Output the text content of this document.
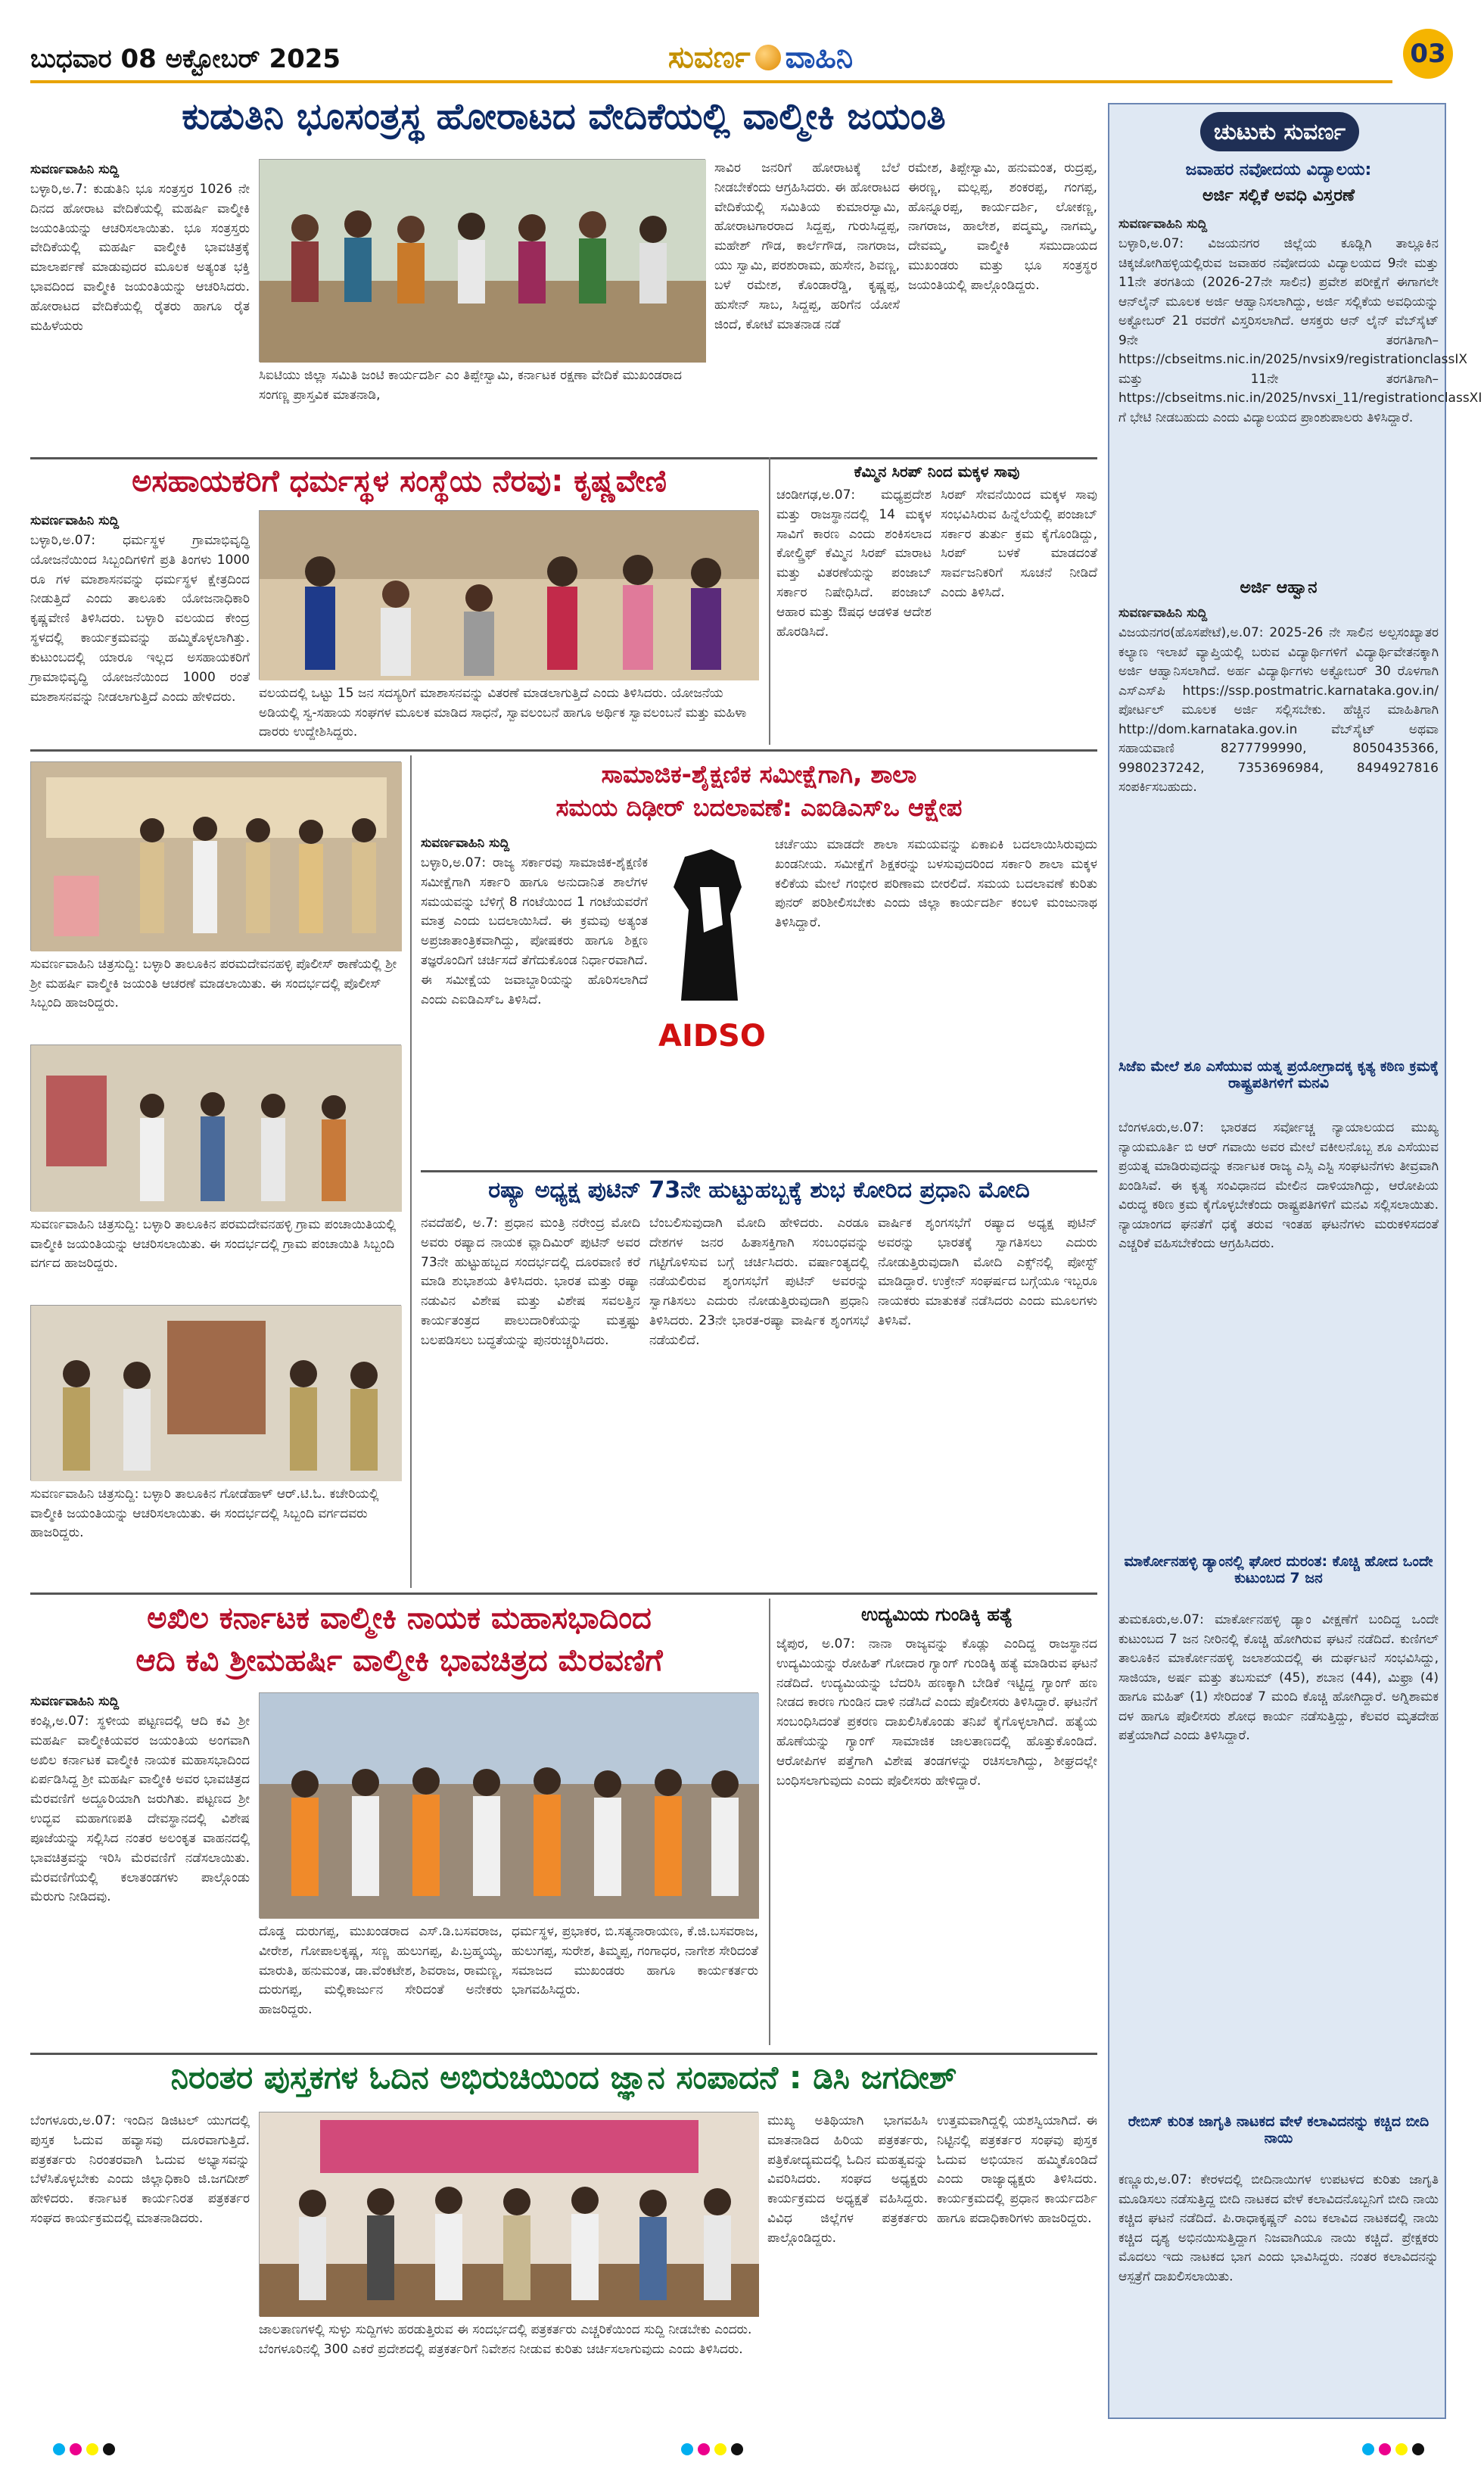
ಬುಧವಾರ 08 ಅಕ್ಟೋಬರ್ 2025	ಸುವರ್ಣ ವಾಹಿನಿ	03
ಕುಡುತಿನಿ ಭೂಸಂತ್ರಸ್ಥ ಹೋರಾಟದ ವೇದಿಕೆಯಲ್ಲಿ ವಾಲ್ಮೀಕಿ ಜಯಂತಿ
ಸುವರ್ಣವಾಹಿನಿ ಸುದ್ದಿ
ಬಳ್ಳಾರಿ,ಅ.7: ಕುಡುತಿನಿ ಭೂ ಸಂತ್ರಸ್ತರ 1026 ನೇ ದಿನದ ಹೋರಾಟ ವೇದಿಕೆಯಲ್ಲಿ ಮಹರ್ಷಿ ವಾಲ್ಮೀಕಿ ಜಯಂತಿಯನ್ನು ಆಚರಿಸಲಾಯಿತು. ಭೂ ಸಂತ್ರಸ್ತರು ವೇದಿಕೆಯಲ್ಲಿ ಮಹರ್ಷಿ ವಾಲ್ಮೀಕಿ ಭಾವಚಿತ್ರಕ್ಕೆ ಮಾಲಾರ್ಪಣೆ ಮಾಡುವುದರ ಮೂಲಕ ಅತ್ಯಂತ ಭಕ್ತಿ ಭಾವದಿಂದ ವಾಲ್ಮೀಕಿ ಜಯಂತಿಯನ್ನು ಆಚರಿಸಿದರು. ಹೋರಾಟದ ವೇದಿಕೆಯಲ್ಲಿ ರೈತರು ಹಾಗೂ ರೈತ ಮಹಿಳೆಯರು
ಸಿಐಟಿಯು ಜಿಲ್ಲಾ ಸಮಿತಿ ಜಂಟಿ ಕಾರ್ಯದರ್ಶಿ ಎಂ ತಿಪ್ಪೇಸ್ವಾಮಿ, ಕರ್ನಾಟಕ ರಕ್ಷಣಾ ವೇದಿಕೆ ಮುಖಂಡರಾದ ಸಂಗಣ್ಣ ಪ್ರಾಸ್ತವಿಕ ಮಾತನಾಡಿ,
ಸಾವಿರ ಜನರಿಗೆ ಹೋರಾಟಕ್ಕೆ ಬೆಲೆ ನೀಡಬೇಕೆಂದು ಆಗ್ರಹಿಸಿದರು. ಈ ಹೋರಾಟದ ವೇದಿಕೆಯಲ್ಲಿ ಸಮಿತಿಯ ಕುಮಾರಸ್ವಾಮಿ, ಹೋರಾಟಗಾರರಾದ ಸಿದ್ದಪ್ಪ, ಗುರುಸಿದ್ದಪ್ಪ, ಮಹೇಶ್ ಗೌಡ, ಕಾರ್ಲೆಗೌಡ, ನಾಗರಾಜ, ಯು ಸ್ವಾಮಿ, ಪರಶುರಾಮ, ಹುಸೇನ, ಶಿವಣ್ಣ, ಬಳೆ ರಮೇಶ, ಕೊಂಡಾರೆಡ್ಡಿ, ಕೃಷ್ಣಪ್ಪ, ಹುಸೇನ್ ಸಾಬ, ಸಿದ್ದಪ್ಪ, ಹರಿಗೆನ ಯೋಸೆ ಜಿಂದೆ, ಕೋಟೆ ಮಾತನಾಡ ನಡೆ
ರಮೇಶ, ತಿಪ್ಪೇಸ್ವಾಮಿ, ಹನುಮಂತ, ರುದ್ರಪ್ಪ, ಈರಣ್ಣ, ಮಲ್ಲಪ್ಪ, ಶಂಕರಪ್ಪ, ಗಂಗಪ್ಪ, ಹೊನ್ನೂರಪ್ಪ, ಕಾರ್ಯದರ್ಶಿ, ಲೋಕಣ್ಣ, ನಾಗರಾಜ, ಹಾಲೇಶ, ಪದ್ಮಮ್ಮ, ನಾಗಮ್ಮ, ದೇವಮ್ಮ, ವಾಲ್ಮೀಕಿ ಸಮುದಾಯದ ಮುಖಂಡರು ಮತ್ತು ಭೂ ಸಂತ್ರಸ್ಥರ ಜಯಂತಿಯಲ್ಲಿ ಪಾಲ್ಗೊಂಡಿದ್ದರು.
ಅಸಹಾಯಕರಿಗೆ ಧರ್ಮಸ್ಥಳ ಸಂಸ್ಥೆಯ ನೆರವು: ಕೃಷ್ಣವೇಣಿ
ಸುವರ್ಣವಾಹಿನಿ ಸುದ್ದಿ
ಬಳ್ಳಾರಿ,ಅ.07: ಧರ್ಮಸ್ಥಳ ಗ್ರಾಮಾಭಿವೃದ್ಧಿ ಯೋಜನೆಯಿಂದ ಸಿಬ್ಬಂದಿಗಳಿಗೆ ಪ್ರತಿ ತಿಂಗಳು 1000 ರೂ ಗಳ ಮಾಶಾಸನವನ್ನು ಧರ್ಮಸ್ಥಳ ಕ್ಷೇತ್ರದಿಂದ ನೀಡುತ್ತಿದೆ ಎಂದು ತಾಲೂಕು ಯೋಜನಾಧಿಕಾರಿ ಕೃಷ್ಣವೇಣಿ ತಿಳಿಸಿದರು. ಬಳ್ಳಾರಿ ವಲಯದ ಕೇಂದ್ರ ಸ್ಥಳದಲ್ಲಿ ಕಾರ್ಯಕ್ರಮವನ್ನು ಹಮ್ಮಿಕೊಳ್ಳಲಾಗಿತ್ತು. ಕುಟುಂಬದಲ್ಲಿ ಯಾರೂ ಇಲ್ಲದ ಅಸಹಾಯಕರಿಗೆ ಗ್ರಾಮಾಭಿವೃದ್ಧಿ ಯೋಜನೆಯಿಂದ 1000 ರಂತೆ ಮಾಶಾಸನವನ್ನು ನೀಡಲಾಗುತ್ತಿದೆ ಎಂದು ಹೇಳಿದರು.	ವಲಯದಲ್ಲಿ ಒಟ್ಟು 15 ಜನ ಸದಸ್ಯರಿಗೆ ಮಾಶಾಸನವನ್ನು ವಿತರಣೆ ಮಾಡಲಾಗುತ್ತಿದೆ ಎಂದು ತಿಳಿಸಿದರು. ಯೋಜನೆಯ ಅಡಿಯಲ್ಲಿ ಸ್ವ-ಸಹಾಯ ಸಂಘಗಳ ಮೂಲಕ ಮಾಡಿದ ಸಾಧನೆ, ಸ್ವಾವಲಂಬನೆ ಹಾಗೂ ಅರ್ಥಿಕ ಸ್ವಾವಲಂಬನೆ ಮತ್ತು ಮಹಿಳಾ ದಾರರು ಉದ್ದೇಶಿಸಿದ್ದರು.
ಕೆಮ್ಮಿನ ಸಿರಪ್ ನಿಂದ ಮಕ್ಕಳ ಸಾವು
ಚಂಡೀಗಢ,ಅ.07: ಮಧ್ಯಪ್ರದೇಶ ಮತ್ತು ರಾಜಸ್ಥಾನದಲ್ಲಿ 14 ಮಕ್ಕಳ ಸಾವಿಗೆ ಕಾರಣ ಎಂದು ಶಂಕಿಸಲಾದ ಕೋಲ್ಡ್ರಿಫ್ ಕೆಮ್ಮಿನ ಸಿರಪ್ ಮಾರಾಟ ಮತ್ತು ವಿತರಣೆಯನ್ನು ಪಂಜಾಬ್ ಸರ್ಕಾರ ನಿಷೇಧಿಸಿದೆ. ಪಂಜಾಬ್ ಆಹಾರ ಮತ್ತು ಔಷಧ ಆಡಳಿತ ಆದೇಶ ಹೊರಡಿಸಿದೆ.
ಸಿರಪ್ ಸೇವನೆಯಿಂದ ಮಕ್ಕಳ ಸಾವು ಸಂಭವಿಸಿರುವ ಹಿನ್ನೆಲೆಯಲ್ಲಿ ಪಂಜಾಬ್ ಸರ್ಕಾರ ತುರ್ತು ಕ್ರಮ ಕೈಗೊಂಡಿದ್ದು, ಸಿರಪ್ ಬಳಕೆ ಮಾಡದಂತೆ ಸಾರ್ವಜನಿಕರಿಗೆ ಸೂಚನೆ ನೀಡಿದೆ ಎಂದು ತಿಳಿಸಿದೆ.
ಸುವರ್ಣವಾಹಿನಿ ಚಿತ್ರಸುದ್ದಿ: ಬಳ್ಳಾರಿ ತಾಲೂಕಿನ ಪರಮದೇವನಹಳ್ಳಿ ಪೊಲೀಸ್ ಠಾಣೆಯಲ್ಲಿ ಶ್ರೀ ಶ್ರೀ ಮಹರ್ಷಿ ವಾಲ್ಮೀಕಿ ಜಯಂತಿ ಆಚರಣೆ ಮಾಡಲಾಯಿತು. ಈ ಸಂದರ್ಭದಲ್ಲಿ ಪೊಲೀಸ್ ಸಿಬ್ಬಂದಿ ಹಾಜರಿದ್ದರು.
ಸುವರ್ಣವಾಹಿನಿ ಚಿತ್ರಸುದ್ದಿ: ಬಳ್ಳಾರಿ ತಾಲೂಕಿನ ಪರಮದೇವನಹಳ್ಳಿ ಗ್ರಾಮ ಪಂಚಾಯಿತಿಯಲ್ಲಿ ವಾಲ್ಮೀಕಿ ಜಯಂತಿಯನ್ನು ಆಚರಿಸಲಾಯಿತು. ಈ ಸಂದರ್ಭದಲ್ಲಿ ಗ್ರಾಮ ಪಂಚಾಯಿತಿ ಸಿಬ್ಬಂದಿ ವರ್ಗದ ಹಾಜರಿದ್ದರು.
ಸುವರ್ಣವಾಹಿನಿ ಚಿತ್ರಸುದ್ದಿ: ಬಳ್ಳಾರಿ ತಾಲೂಕಿನ ಗೋಡೆಹಾಳ್ ಆರ್.ಟಿ.ಓ. ಕಚೇರಿಯಲ್ಲಿ ವಾಲ್ಮೀಕಿ ಜಯಂತಿಯನ್ನು ಆಚರಿಸಲಾಯಿತು. ಈ ಸಂದರ್ಭದಲ್ಲಿ ಸಿಬ್ಬಂದಿ ವರ್ಗದವರು ಹಾಜರಿದ್ದರು.
ಸಾಮಾಜಿಕ-ಶೈಕ್ಷಣಿಕ ಸಮೀಕ್ಷೆಗಾಗಿ, ಶಾಲಾ
ಸಮಯ ದಿಢೀರ್ ಬದಲಾವಣೆ: ಎಐಡಿಎಸ್‌ಒ ಆಕ್ಷೇಪ
ಸುವರ್ಣವಾಹಿನಿ ಸುದ್ದಿ
ಬಳ್ಳಾರಿ,ಅ.07: ರಾಜ್ಯ ಸರ್ಕಾರವು ಸಾಮಾಜಿಕ-ಶೈಕ್ಷಣಿಕ ಸಮೀಕ್ಷೆಗಾಗಿ ಸರ್ಕಾರಿ ಹಾಗೂ ಅನುದಾನಿತ ಶಾಲೆಗಳ ಸಮಯವನ್ನು ಬೆಳಿಗ್ಗೆ 8 ಗಂಟೆಯಿಂದ 1 ಗಂಟೆಯವರೆಗೆ ಮಾತ್ರ ಎಂದು ಬದಲಾಯಿಸಿದೆ. ಈ ಕ್ರಮವು ಅತ್ಯಂತ ಅಪ್ರಜಾತಾಂತ್ರಿಕವಾಗಿದ್ದು, ಪೋಷಕರು ಹಾಗೂ ಶಿಕ್ಷಣ ತಜ್ಞರೊಂದಿಗೆ ಚರ್ಚಿಸದೆ ತೆಗೆದುಕೊಂಡ ನಿರ್ಧಾರವಾಗಿದೆ. ಈ ಸಮೀಕ್ಷೆಯ ಜವಾಬ್ದಾರಿಯನ್ನು ಹೊರಿಸಲಾಗಿದೆ ಎಂದು ಎಐಡಿಎಸ್‌ಒ ತಿಳಿಸಿದೆ.
AIDSO
ಚರ್ಚೆಯು ಮಾಡದೇ ಶಾಲಾ ಸಮಯವನ್ನು ಏಕಾಏಕಿ ಬದಲಾಯಿಸಿರುವುದು ಖಂಡನೀಯ. ಸಮೀಕ್ಷೆಗೆ ಶಿಕ್ಷಕರನ್ನು ಬಳಸುವುದರಿಂದ ಸರ್ಕಾರಿ ಶಾಲಾ ಮಕ್ಕಳ ಕಲಿಕೆಯ ಮೇಲೆ ಗಂಭೀರ ಪರಿಣಾಮ ಬೀರಲಿದೆ. ಸಮಯ ಬದಲಾವಣೆ ಕುರಿತು ಪುನರ್ ಪರಿಶೀಲಿಸಬೇಕು ಎಂದು ಜಿಲ್ಲಾ ಕಾರ್ಯದರ್ಶಿ ಕಂಬಳಿ ಮಂಜುನಾಥ ತಿಳಿಸಿದ್ದಾರೆ.
ರಷ್ಯಾ ಅಧ್ಯಕ್ಷ ಪುಟಿನ್ 73ನೇ ಹುಟ್ಟುಹಬ್ಬಕ್ಕೆ ಶುಭ ಕೋರಿದ ಪ್ರಧಾನಿ ಮೋದಿ
ನವದೆಹಲಿ, ಅ.7: ಪ್ರಧಾನ ಮಂತ್ರಿ ನರೇಂದ್ರ ಮೋದಿ ಅವರು ರಷ್ಯಾದ ನಾಯಕ ವ್ಲಾದಿಮಿರ್ ಪುಟಿನ್ ಅವರ 73ನೇ ಹುಟ್ಟುಹಬ್ಬದ ಸಂದರ್ಭದಲ್ಲಿ ದೂರವಾಣಿ ಕರೆ ಮಾಡಿ ಶುಭಾಶಯ ತಿಳಿಸಿದರು. ಭಾರತ ಮತ್ತು ರಷ್ಯಾ ನಡುವಿನ ವಿಶೇಷ ಮತ್ತು ವಿಶೇಷ ಸವಲತ್ತಿನ ಕಾರ್ಯತಂತ್ರದ ಪಾಲುದಾರಿಕೆಯನ್ನು ಮತ್ತಷ್ಟು ಬಲಪಡಿಸಲು ಬದ್ಧತೆಯನ್ನು ಪುನರುಚ್ಚರಿಸಿದರು.
ಬೆಂಬಲಿಸುವುದಾಗಿ ಮೋದಿ ಹೇಳಿದರು. ಎರಡೂ ದೇಶಗಳ ಜನರ ಹಿತಾಸಕ್ತಿಗಾಗಿ ಸಂಬಂಧವನ್ನು ಗಟ್ಟಿಗೊಳಿಸುವ ಬಗ್ಗೆ ಚರ್ಚಿಸಿದರು. ವರ್ಷಾಂತ್ಯದಲ್ಲಿ ನಡೆಯಲಿರುವ ಶೃಂಗಸಭೆಗೆ ಪುಟಿನ್ ಅವರನ್ನು ಸ್ವಾಗತಿಸಲು ಎದುರು ನೋಡುತ್ತಿರುವುದಾಗಿ ಪ್ರಧಾನಿ ತಿಳಿಸಿದರು. 23ನೇ ಭಾರತ-ರಷ್ಯಾ ವಾರ್ಷಿಕ ಶೃಂಗಸಭೆ ನಡೆಯಲಿದೆ.
ವಾರ್ಷಿಕ ಶೃಂಗಸಭೆಗೆ ರಷ್ಯಾದ ಅಧ್ಯಕ್ಷ ಪುಟಿನ್ ಅವರನ್ನು ಭಾರತಕ್ಕೆ ಸ್ವಾಗತಿಸಲು ಎದುರು ನೋಡುತ್ತಿರುವುದಾಗಿ ಮೋದಿ ಎಕ್ಸ್‌ನಲ್ಲಿ ಪೋಸ್ಟ್ ಮಾಡಿದ್ದಾರೆ. ಉಕ್ರೇನ್ ಸಂಘರ್ಷದ ಬಗ್ಗೆಯೂ ಇಬ್ಬರೂ ನಾಯಕರು ಮಾತುಕತೆ ನಡೆಸಿದರು ಎಂದು ಮೂಲಗಳು ತಿಳಿಸಿವೆ.
ಅಖಿಲ ಕರ್ನಾಟಕ ವಾಲ್ಮೀಕಿ ನಾಯಕ ಮಹಾಸಭಾದಿಂದ
ಆದಿ ಕವಿ ಶ್ರೀಮಹರ್ಷಿ ವಾಲ್ಮೀಕಿ ಭಾವಚಿತ್ರದ ಮೆರವಣಿಗೆ
ಸುವರ್ಣವಾಹಿನಿ ಸುದ್ದಿ
ಕಂಪ್ಲಿ,ಅ.07: ಸ್ಥಳೀಯ ಪಟ್ಟಣದಲ್ಲಿ ಆದಿ ಕವಿ ಶ್ರೀ ಮಹರ್ಷಿ ವಾಲ್ಮೀಕಿಯವರ ಜಯಂತಿಯ ಅಂಗವಾಗಿ ಅಖಿಲ ಕರ್ನಾಟಕ ವಾಲ್ಮೀಕಿ ನಾಯಕ ಮಹಾಸಭಾದಿಂದ ಏರ್ಪಡಿಸಿದ್ದ ಶ್ರೀ ಮಹರ್ಷಿ ವಾಲ್ಮೀಕಿ ಅವರ ಭಾವಚಿತ್ರದ ಮೆರವಣಿಗೆ ಅದ್ದೂರಿಯಾಗಿ ಜರುಗಿತು. ಪಟ್ಟಣದ ಶ್ರೀ ಉದ್ಭವ ಮಹಾಗಣಪತಿ ದೇವಸ್ಥಾನದಲ್ಲಿ ವಿಶೇಷ ಪೂಜೆಯನ್ನು ಸಲ್ಲಿಸಿದ ನಂತರ ಅಲಂಕೃತ ವಾಹನದಲ್ಲಿ ಭಾವಚಿತ್ರವನ್ನು ಇರಿಸಿ ಮೆರವಣಿಗೆ ನಡೆಸಲಾಯಿತು. ಮೆರವಣಿಗೆಯಲ್ಲಿ ಕಲಾತಂಡಗಳು ಪಾಲ್ಗೊಂಡು ಮೆರುಗು ನೀಡಿದವು.
ದೊಡ್ಡ ದುರುಗಪ್ಪ, ಮುಖಂಡರಾದ ಎಸ್.ಡಿ.ಬಸವರಾಜ, ವೀರೇಶ, ಗೋಪಾಲಕೃಷ್ಣ, ಸಣ್ಣ ಹುಲುಗಪ್ಪ, ಪಿ.ಬ್ರಹ್ಮಯ್ಯ, ಮಾರುತಿ, ಹನುಮಂತ, ಡಾ.ವೆಂಕಟೇಶ, ಶಿವರಾಜ, ರಾಮಣ್ಣ, ದುರುಗಪ್ಪ, ಮಲ್ಲಿಕಾರ್ಜುನ ಸೇರಿದಂತೆ ಅನೇಕರು ಹಾಜರಿದ್ದರು.
ಧರ್ಮಸ್ಥಳ, ಪ್ರಭಾಕರ, ಬಿ.ಸತ್ಯನಾರಾಯಣ, ಕೆ.ಜಿ.ಬಸವರಾಜ, ಹುಲುಗಪ್ಪ, ಸುರೇಶ, ತಿಮ್ಮಪ್ಪ, ಗಂಗಾಧರ, ನಾಗೇಶ ಸೇರಿದಂತೆ ಸಮಾಜದ ಮುಖಂಡರು ಹಾಗೂ ಕಾರ್ಯಕರ್ತರು ಭಾಗವಹಿಸಿದ್ದರು.
ಉದ್ಯಮಿಯ ಗುಂಡಿಕ್ಕಿ ಹತ್ಯೆ
ಜೈಪುರ, ಅ.07: ನಾನಾ ರಾಜ್ಯವನ್ನು ಕೊಡ್ಲು ಎಂದಿದ್ದ ರಾಜಸ್ಥಾನದ ಉದ್ಯಮಿಯನ್ನು ರೋಹಿತ್ ಗೋದಾರ ಗ್ಯಾಂಗ್ ಗುಂಡಿಕ್ಕಿ ಹತ್ಯೆ ಮಾಡಿರುವ ಘಟನೆ ನಡೆದಿದೆ. ಉದ್ಯಮಿಯನ್ನು ಬೆದರಿಸಿ ಹಣಕ್ಕಾಗಿ ಬೇಡಿಕೆ ಇಟ್ಟಿದ್ದ ಗ್ಯಾಂಗ್ ಹಣ ನೀಡದ ಕಾರಣ ಗುಂಡಿನ ದಾಳಿ ನಡೆಸಿದೆ ಎಂದು ಪೊಲೀಸರು ತಿಳಿಸಿದ್ದಾರೆ. ಘಟನೆಗೆ ಸಂಬಂಧಿಸಿದಂತೆ ಪ್ರಕರಣ ದಾಖಲಿಸಿಕೊಂಡು ತನಿಖೆ ಕೈಗೊಳ್ಳಲಾಗಿದೆ. ಹತ್ಯೆಯ ಹೊಣೆಯನ್ನು ಗ್ಯಾಂಗ್ ಸಾಮಾಜಿಕ ಜಾಲತಾಣದಲ್ಲಿ ಹೊತ್ತುಕೊಂಡಿದೆ. ಆರೋಪಿಗಳ ಪತ್ತೆಗಾಗಿ ವಿಶೇಷ ತಂಡಗಳನ್ನು ರಚಿಸಲಾಗಿದ್ದು, ಶೀಘ್ರದಲ್ಲೇ ಬಂಧಿಸಲಾಗುವುದು ಎಂದು ಪೊಲೀಸರು ಹೇಳಿದ್ದಾರೆ.
ನಿರಂತರ ಪುಸ್ತಕಗಳ ಓದಿನ ಅಭಿರುಚಿಯಿಂದ ಜ್ಞಾನ ಸಂಪಾದನೆ : ಡಿಸಿ ಜಗದೀಶ್
ಬೆಂಗಳೂರು,ಅ.07: ಇಂದಿನ ಡಿಜಿಟಲ್ ಯುಗದಲ್ಲಿ ಪುಸ್ತಕ ಓದುವ ಹವ್ಯಾಸವು ದೂರವಾಗುತ್ತಿದೆ. ಪತ್ರಕರ್ತರು ನಿರಂತರವಾಗಿ ಓದುವ ಅಭ್ಯಾಸವನ್ನು ಬೆಳೆಸಿಕೊಳ್ಳಬೇಕು ಎಂದು ಜಿಲ್ಲಾಧಿಕಾರಿ ಜಿ.ಜಗದೀಶ್ ಹೇಳಿದರು. ಕರ್ನಾಟಕ ಕಾರ್ಯನಿರತ ಪತ್ರಕರ್ತರ ಸಂಘದ ಕಾರ್ಯಕ್ರಮದಲ್ಲಿ ಮಾತನಾಡಿದರು.
ಜಾಲತಾಣಗಳಲ್ಲಿ ಸುಳ್ಳು ಸುದ್ದಿಗಳು ಹರಡುತ್ತಿರುವ ಈ ಸಂದರ್ಭದಲ್ಲಿ ಪತ್ರಕರ್ತರು ಎಚ್ಚರಿಕೆಯಿಂದ ಸುದ್ದಿ ನೀಡಬೇಕು ಎಂದರು. ಬೆಂಗಳೂರಿನಲ್ಲಿ 300 ಎಕರೆ ಪ್ರದೇಶದಲ್ಲಿ ಪತ್ರಕರ್ತರಿಗೆ ನಿವೇಶನ ನೀಡುವ ಕುರಿತು ಚರ್ಚಿಸಲಾಗುವುದು ಎಂದು ತಿಳಿಸಿದರು.
ಮುಖ್ಯ ಅತಿಥಿಯಾಗಿ ಭಾಗವಹಿಸಿ ಮಾತನಾಡಿದ ಹಿರಿಯ ಪತ್ರಕರ್ತರು, ಪತ್ರಿಕೋದ್ಯಮದಲ್ಲಿ ಓದಿನ ಮಹತ್ವವನ್ನು ವಿವರಿಸಿದರು. ಸಂಘದ ಅಧ್ಯಕ್ಷರು ಕಾರ್ಯಕ್ರಮದ ಅಧ್ಯಕ್ಷತೆ ವಹಿಸಿದ್ದರು. ವಿವಿಧ ಜಿಲ್ಲೆಗಳ ಪತ್ರಕರ್ತರು ಪಾಲ್ಗೊಂಡಿದ್ದರು.
ಉತ್ತಮವಾಗಿದ್ದಲ್ಲಿ ಯಶಸ್ವಿಯಾಗಿದೆ. ಈ ನಿಟ್ಟಿನಲ್ಲಿ ಪತ್ರಕರ್ತರ ಸಂಘವು ಪುಸ್ತಕ ಓದುವ ಅಭಿಯಾನ ಹಮ್ಮಿಕೊಂಡಿದೆ ಎಂದು ರಾಜ್ಯಾಧ್ಯಕ್ಷರು ತಿಳಿಸಿದರು. ಕಾರ್ಯಕ್ರಮದಲ್ಲಿ ಪ್ರಧಾನ ಕಾರ್ಯದರ್ಶಿ ಹಾಗೂ ಪದಾಧಿಕಾರಿಗಳು ಹಾಜರಿದ್ದರು.
ಚುಟುಕು ಸುವರ್ಣ
ಜವಾಹರ ನವೋದಯ ವಿದ್ಯಾಲಯ:
ಅರ್ಜಿ ಸಲ್ಲಿಕೆ ಅವಧಿ ವಿಸ್ತರಣೆ
ಸುವರ್ಣವಾಹಿನಿ ಸುದ್ದಿ
ಬಳ್ಳಾರಿ,ಅ.07: ವಿಜಯನಗರ ಜಿಲ್ಲೆಯ ಕೂಡ್ಲಿಗಿ ತಾಲ್ಲೂಕಿನ ಚಿಕ್ಕಜೋಗಿಹಳ್ಳಿಯಲ್ಲಿರುವ ಜವಾಹರ ನವೋದಯ ವಿದ್ಯಾಲಯದ 9ನೇ ಮತ್ತು 11ನೇ ತರಗತಿಯ (2026-27ನೇ ಸಾಲಿನ) ಪ್ರವೇಶ ಪರೀಕ್ಷೆಗೆ ಈಗಾಗಲೇ ಆನ್‍ಲೈನ್ ಮೂಲಕ ಅರ್ಜಿ ಆಹ್ವಾನಿಸಲಾಗಿದ್ದು, ಅರ್ಜಿ ಸಲ್ಲಿಕೆಯ ಅವಧಿಯನ್ನು ಅಕ್ಟೋಬರ್ 21 ರವರೆಗೆ ವಿಸ್ತರಿಸಲಾಗಿದೆ. ಆಸಕ್ತರು ಆನ್ ಲೈನ್ ವೆಬ್‍ಸೈಟ್ 9ನೇ ತರಗತಿಗಾಗಿ– https://cbseitms.nic.in/2025/nvsix9/registrationclassIX ಮತ್ತು 11ನೇ ತರಗತಿಗಾಗಿ– https://cbseitms.nic.in/2025/nvsxi_11/registrationclassXI ಗೆ ಭೇಟಿ ನೀಡಬಹುದು ಎಂದು ವಿದ್ಯಾಲಯದ ಪ್ರಾಂಶುಪಾಲರು ತಿಳಿಸಿದ್ದಾರೆ.
ಅರ್ಜಿ ಆಹ್ವಾನ
ಸುವರ್ಣವಾಹಿನಿ ಸುದ್ದಿ
ವಿಜಯನಗರ(ಹೊಸಪೇಟೆ),ಅ.07: 2025-26 ನೇ ಸಾಲಿನ ಅಲ್ಪಸಂಖ್ಯಾತರ ಕಲ್ಯಾಣ ಇಲಾಖೆ ವ್ಯಾಪ್ತಿಯಲ್ಲಿ ಬರುವ ವಿದ್ಯಾರ್ಥಿಗಳಿಗೆ ವಿದ್ಯಾರ್ಥಿವೇತನಕ್ಕಾಗಿ ಅರ್ಜಿ ಆಹ್ವಾನಿಸಲಾಗಿದೆ. ಅರ್ಹ ವಿದ್ಯಾರ್ಥಿಗಳು ಅಕ್ಟೋಬರ್ 30 ರೊಳಗಾಗಿ ಎಸ್‌ಎಸ್‌ಪಿ https://ssp.postmatric.karnataka.gov.in/ ಪೋರ್ಟಲ್ ಮೂಲಕ ಅರ್ಜಿ ಸಲ್ಲಿಸಬೇಕು. ಹೆಚ್ಚಿನ ಮಾಹಿತಿಗಾಗಿ http://dom.karnataka.gov.in ವೆಬ್‌ಸೈಟ್ ಅಥವಾ ಸಹಾಯವಾಣಿ 8277799990, 8050435366, 9980237242, 7353696984, 8494927816 ಸಂಪರ್ಕಿಸಬಹುದು.
ಸಿಜೆಐ ಮೇಲೆ ಶೂ ಎಸೆಯುವ ಯತ್ನ ಪ್ರಯೋಗ್ರಾದಕ್ಕ ಕೃತ್ಯ ಕಠಿಣ ಕ್ರಮಕ್ಕೆ ರಾಷ್ಟ್ರಪತಿಗಳಿಗೆ ಮನವಿ
ಬೆಂಗಳೂರು,ಅ.07: ಭಾರತದ ಸರ್ವೋಚ್ಚ ನ್ಯಾಯಾಲಯದ ಮುಖ್ಯ ನ್ಯಾಯಮೂರ್ತಿ ಬಿ ಆರ್ ಗವಾಯಿ ಅವರ ಮೇಲೆ ವಕೀಲನೊಬ್ಬ ಶೂ ಎಸೆಯುವ ಪ್ರಯತ್ನ ಮಾಡಿರುವುದನ್ನು ಕರ್ನಾಟಕ ರಾಜ್ಯ ಎಸ್ಸಿ ಎಸ್ಟಿ ಸಂಘಟನೆಗಳು ತೀವ್ರವಾಗಿ ಖಂಡಿಸಿವೆ. ಈ ಕೃತ್ಯ ಸಂವಿಧಾನದ ಮೇಲಿನ ದಾಳಿಯಾಗಿದ್ದು, ಆರೋಪಿಯ ವಿರುದ್ಧ ಕಠಿಣ ಕ್ರಮ ಕೈಗೊಳ್ಳಬೇಕೆಂದು ರಾಷ್ಟ್ರಪತಿಗಳಿಗೆ ಮನವಿ ಸಲ್ಲಿಸಲಾಯಿತು. ನ್ಯಾಯಾಂಗದ ಘನತೆಗೆ ಧಕ್ಕೆ ತರುವ ಇಂತಹ ಘಟನೆಗಳು ಮರುಕಳಿಸದಂತೆ ಎಚ್ಚರಿಕೆ ವಹಿಸಬೇಕೆಂದು ಆಗ್ರಹಿಸಿದರು.
ಮಾರ್ಕೋನಹಳ್ಳಿ ಡ್ಯಾಂನಲ್ಲಿ ಘೋರ ದುರಂತ: ಕೊಚ್ಚಿ ಹೋದ ಒಂದೇ ಕುಟುಂಬದ 7 ಜನ
ತುಮಕೂರು,ಅ.07: ಮಾರ್ಕೋನಹಳ್ಳಿ ಡ್ಯಾಂ ವೀಕ್ಷಣೆಗೆ ಬಂದಿದ್ದ ಒಂದೇ ಕುಟುಂಬದ 7 ಜನ ನೀರಿನಲ್ಲಿ ಕೊಚ್ಚಿ ಹೋಗಿರುವ ಘಟನೆ ನಡೆದಿದೆ. ಕುಣಿಗಲ್ ತಾಲೂಕಿನ ಮಾರ್ಕೋನಹಳ್ಳಿ ಜಲಾಶಯದಲ್ಲಿ ಈ ದುರ್ಘಟನೆ ಸಂಭವಿಸಿದ್ದು, ಸಾಜಿಯಾ, ಅರ್ಷ ಮತ್ತು ತಬಸುಮ್ (45), ಶಬಾನ (44), ಮಿಫ್ರಾ (4) ಹಾಗೂ ಮಹಿತ್ (1) ಸೇರಿದಂತೆ 7 ಮಂದಿ ಕೊಚ್ಚಿ ಹೋಗಿದ್ದಾರೆ. ಅಗ್ನಿಶಾಮಕ ದಳ ಹಾಗೂ ಪೊಲೀಸರು ಶೋಧ ಕಾರ್ಯ ನಡೆಸುತ್ತಿದ್ದು, ಕೆಲವರ ಮೃತದೇಹ ಪತ್ತೆಯಾಗಿದೆ ಎಂದು ತಿಳಿಸಿದ್ದಾರೆ.
ರೇಬಿಸ್ ಕುರಿತ ಜಾಗೃತಿ ನಾಟಕದ ವೇಳೆ ಕಲಾವಿದನನ್ನು ಕಚ್ಚಿದ ಬೀದಿ ನಾಯಿ
ಕಣ್ಣೂರು,ಅ.07: ಕೇರಳದಲ್ಲಿ ಬೀದಿನಾಯಿಗಳ ಉಪಟಳದ ಕುರಿತು ಜಾಗೃತಿ ಮೂಡಿಸಲು ನಡೆಸುತ್ತಿದ್ದ ಬೀದಿ ನಾಟಕದ ವೇಳೆ ಕಲಾವಿದನೊಬ್ಬನಿಗೆ ಬೀದಿ ನಾಯಿ ಕಚ್ಚಿದ ಘಟನೆ ನಡೆದಿದೆ. ಪಿ.ರಾಧಾಕೃಷ್ಣನ್ ಎಂಬ ಕಲಾವಿದ ನಾಟಕದಲ್ಲಿ ನಾಯಿ ಕಚ್ಚಿದ ದೃಶ್ಯ ಅಭಿನಯಿಸುತ್ತಿದ್ದಾಗ ನಿಜವಾಗಿಯೂ ನಾಯಿ ಕಚ್ಚಿದೆ. ಪ್ರೇಕ್ಷಕರು ಮೊದಲು ಇದು ನಾಟಕದ ಭಾಗ ಎಂದು ಭಾವಿಸಿದ್ದರು. ನಂತರ ಕಲಾವಿದನನ್ನು ಆಸ್ಪತ್ರೆಗೆ ದಾಖಲಿಸಲಾಯಿತು.
